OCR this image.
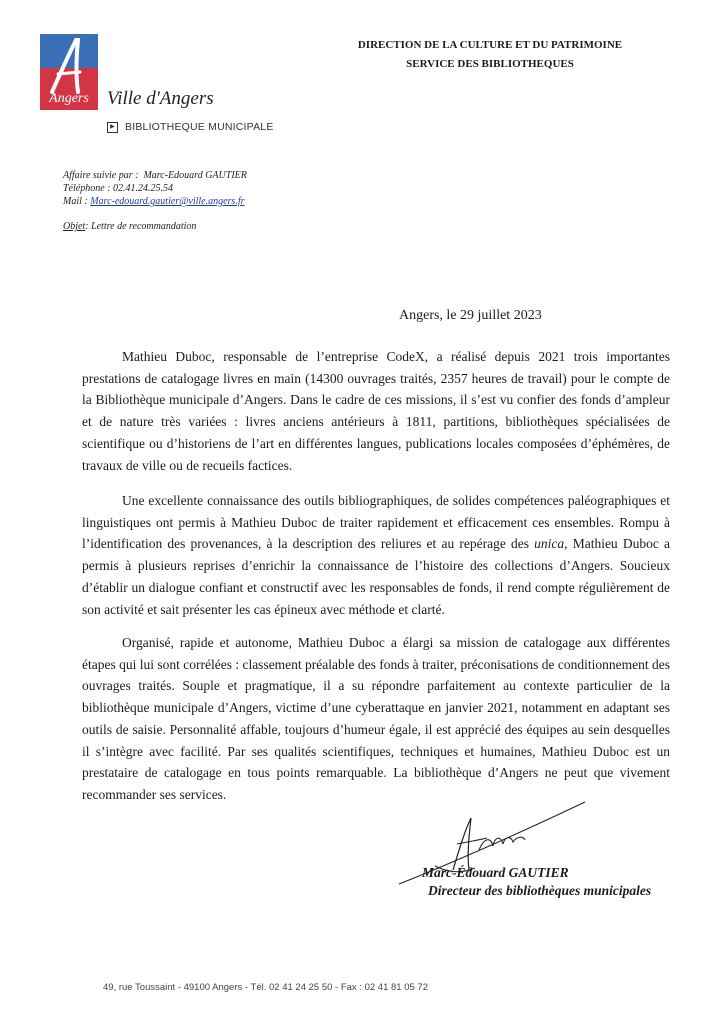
Angers Ville d'Angers
▶ BIBLIOTHEQUE MUNICIPALE
DIRECTION DE LA CULTURE ET DU PATRIMOINE
SERVICE DES BIBLIOTHEQUES
Affaire suivie par : Marc-Edouard GAUTIER
Téléphone : 02.41.24.25.54
Mail : Marc-edouard.gautier@ville.angers.fr
Objet: Lettre de recommandation
Angers, le 29 juillet 2023
Mathieu Duboc, responsable de l’entreprise CodeX, a réalisé depuis 2021 trois importantes prestations de catalogage livres en main (14300 ouvrages traités, 2357 heures de travail) pour le compte de la Bibliothèque municipale d’Angers. Dans le cadre de ces missions, il s’est vu confier des fonds d’ampleur et de nature très variées : livres anciens antérieurs à 1811, partitions, bibliothèques spécialisées de scientifique ou d’historiens de l’art en différentes langues, publications locales composées d’éphémères, de travaux de ville ou de recueils factices.
Une excellente connaissance des outils bibliographiques, de solides compétences paléographiques et linguistiques ont permis à Mathieu Duboc de traiter rapidement et efficacement ces ensembles. Rompu à l’identification des provenances, à la description des reliures et au repérage des unica, Mathieu Duboc a permis à plusieurs reprises d’enrichir la connaissance de l’histoire des collections d’Angers. Soucieux d’établir un dialogue confiant et constructif avec les responsables de fonds, il rend compte régulièrement de son activité et sait présenter les cas épineux avec méthode et clarté.
Organisé, rapide et autonome, Mathieu Duboc a élargi sa mission de catalogage aux différentes étapes qui lui sont corrélées : classement préalable des fonds à traiter, préconisations de conditionnement des ouvrages traités. Souple et pragmatique, il a su répondre parfaitement au contexte particulier de la bibliothèque municipale d’Angers, victime d’une cyberattaque en janvier 2021, notamment en adaptant ses outils de saisie. Personnalité affable, toujours d’humeur égale, il est apprécié des équipes au sein desquelles il s’intègre avec facilité. Par ses qualités scientifiques, techniques et humaines, Mathieu Duboc est un prestataire de catalogage en tous points remarquable. La bibliothèque d’Angers ne peut que vivement recommander ses services.
Marc-Édouard GAUTIER
Directeur des bibliothèques municipales
49, rue Toussaint - 49100 Angers - Tél. 02 41 24 25 50 - Fax : 02 41 81 05 72
